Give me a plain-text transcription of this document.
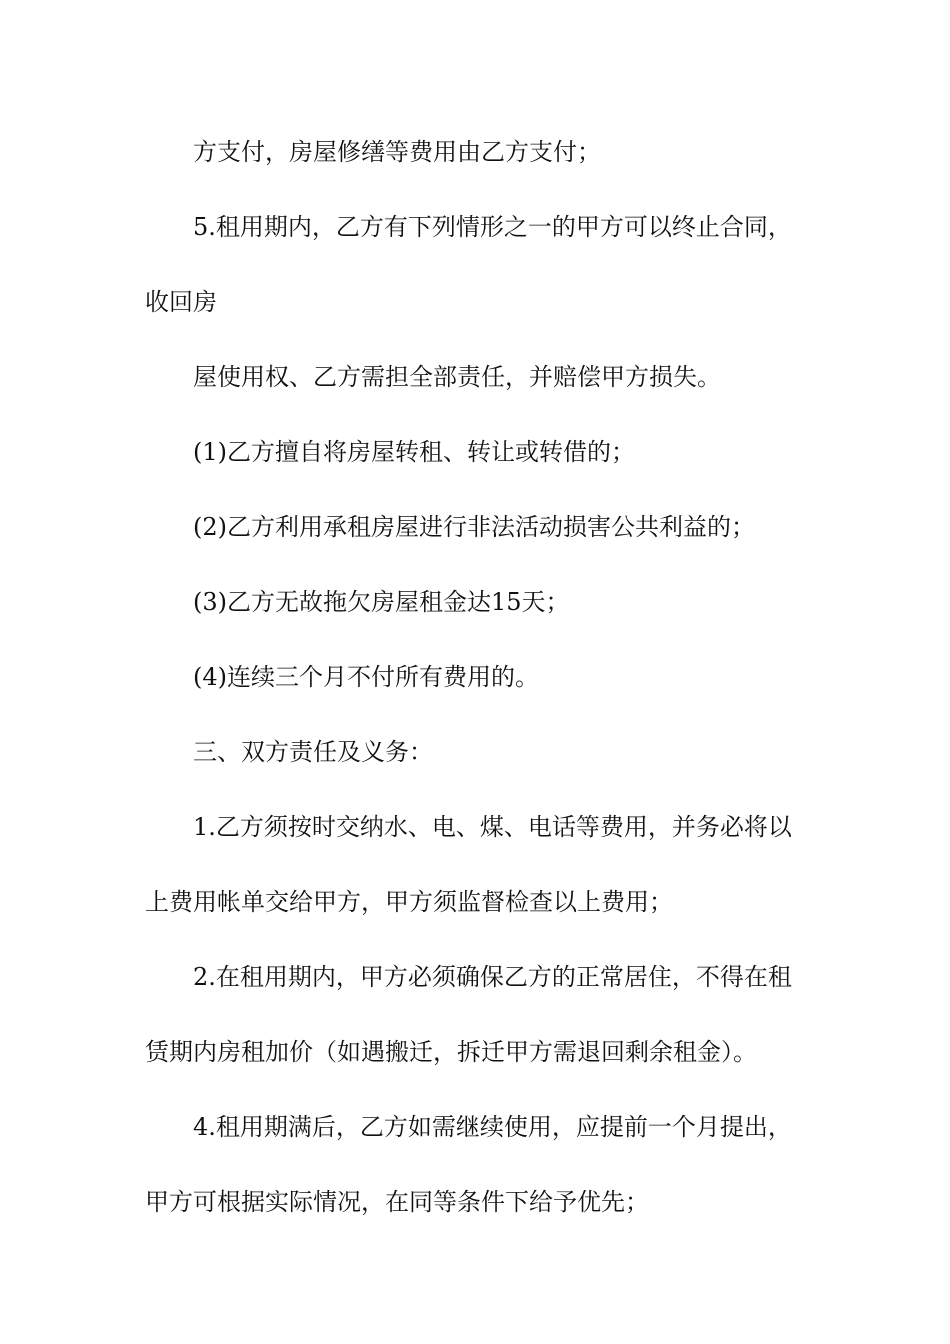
方支付，房屋修缮等费用由乙方支付；
5.租用期内，乙方有下列情形之一的甲方可以终止合同，
收回房
屋使用权、乙方需担全部责任，并赔偿甲方损失。
(1)乙方擅自将房屋转租、转让或转借的；
(2)乙方利用承租房屋进行非法活动损害公共利益的；
(3)乙方无故拖欠房屋租金达15天；
(4)连续三个月不付所有费用的。
三、双方责任及义务：
1.乙方须按时交纳水、电、煤、电话等费用，并务必将以
上费用帐单交给甲方，甲方须监督检查以上费用；
2.在租用期内，甲方必须确保乙方的正常居住，不得在租
赁期内房租加价（如遇搬迁，拆迁甲方需退回剩余租金）。
4.租用期满后，乙方如需继续使用，应提前一个月提出，
甲方可根据实际情况，在同等条件下给予优先；
